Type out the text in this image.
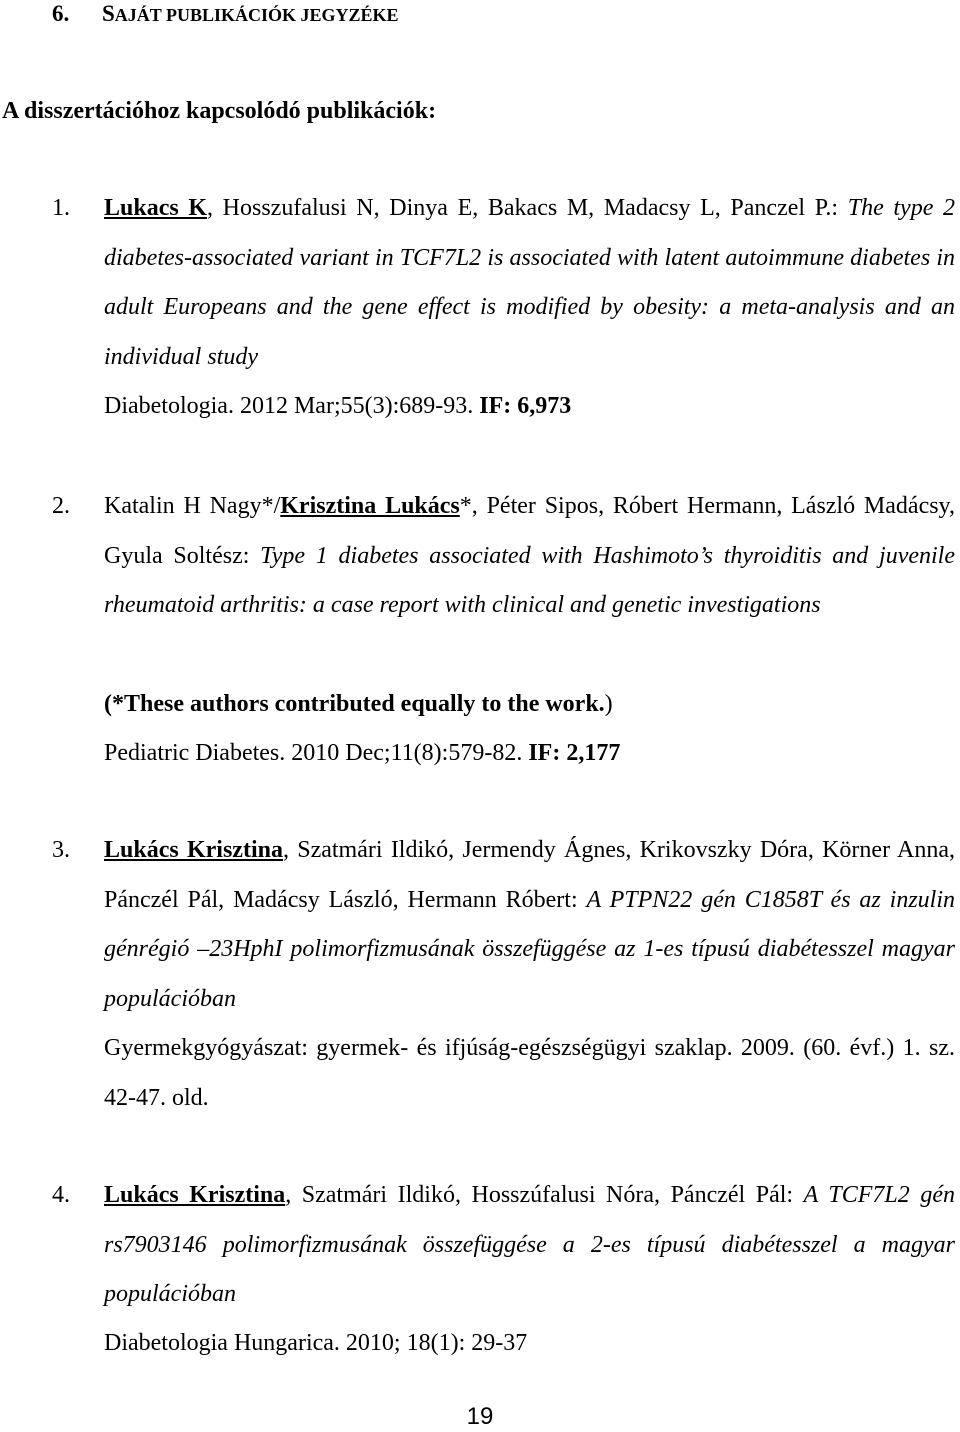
6. SAJÁT PUBLIKÁCIÓK JEGYZÉKE
A disszertációhoz kapcsolódó publikációk:
1. Lukacs K, Hosszufalusi N, Dinya E, Bakacs M, Madacsy L, Panczel P.: The type 2 diabetes-associated variant in TCF7L2 is associated with latent autoimmune diabetes in adult Europeans and the gene effect is modified by obesity: a meta-analysis and an individual study
Diabetologia. 2012 Mar;55(3):689-93. IF: 6,973
2. Katalin H Nagy*/Krisztina Lukács*, Péter Sipos, Róbert Hermann, László Madácsy, Gyula Soltész: Type 1 diabetes associated with Hashimoto’s thyroiditis and juvenile rheumatoid arthritis: a case report with clinical and genetic investigations
(*These authors contributed equally to the work.)
Pediatric Diabetes. 2010 Dec;11(8):579-82. IF: 2,177
3. Lukács Krisztina, Szatmári Ildikó, Jermendy Ágnes, Krikovszky Dóra, Körner Anna, Pánczél Pál, Madácsy László, Hermann Róbert: A PTPN22 gén C1858T és az inzulin génrégió –23HphI polimorfizmusának összefüggése az 1-es típusú diabétesszel magyar populációban
Gyermekgyógyászat: gyermek- és ifjúság-egészségügyi szaklap. 2009. (60. évf.) 1. sz. 42-47. old.
4. Lukács Krisztina, Szatmári Ildikó, Hosszúfalusi Nóra, Pánczél Pál: A TCF7L2 gén rs7903146 polimorfizmusának összefüggése a 2-es típusú diabétesszel a magyar populációban
Diabetologia Hungarica. 2010; 18(1): 29-37
19
